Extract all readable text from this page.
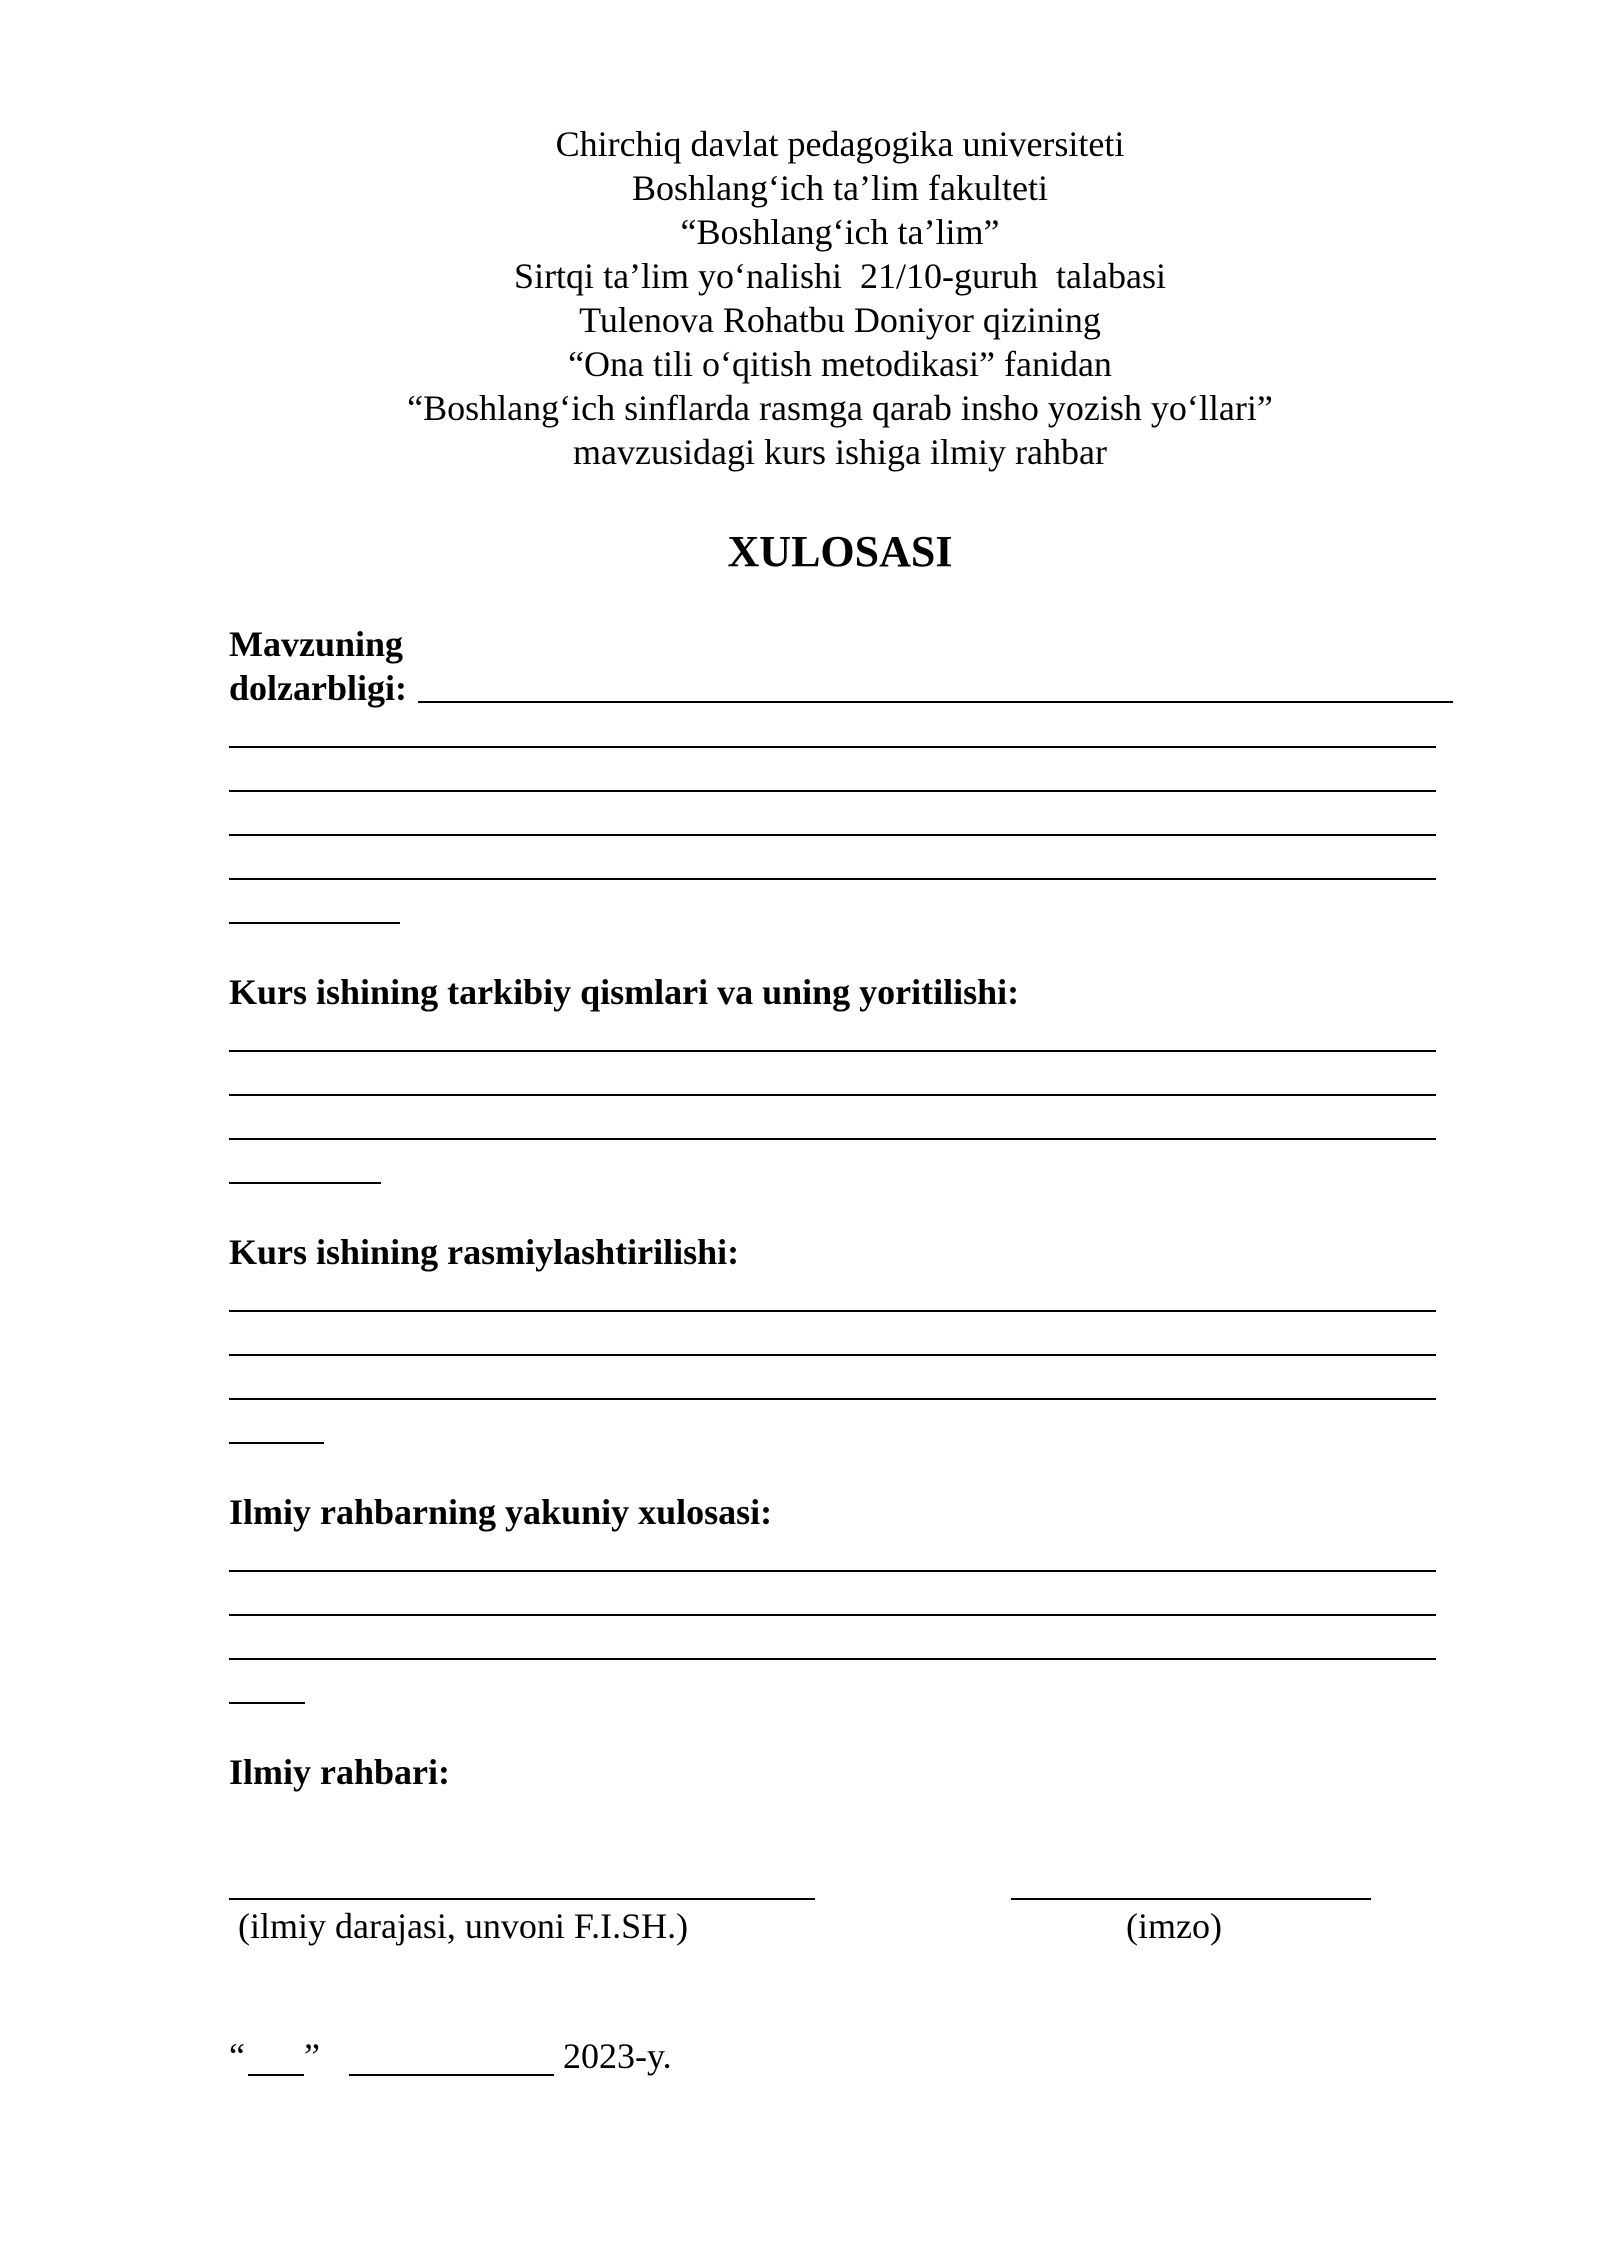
Chirchiq davlat pedagogika universiteti
Boshlang‘ich ta’lim fakulteti
“Boshlang‘ich ta’lim”
Sirtqi ta’lim yo‘nalishi  21/10-guruh  talabasi
Tulenova Rohatbu Doniyor qizining
“Ona tili o‘qitish metodikasi” fanidan
“Boshlang‘ich sinflarda rasmga qarab insho yozish yo‘llari”
mavzusidagi kurs ishiga ilmiy rahbar
XULOSASI
Mavzuning
dolzarbligi:
Kurs ishining tarkibiy qismlari va uning yoritilishi:
Kurs ishining rasmiylashtirilishi:
Ilmiy rahbarning yakuniy xulosasi:
Ilmiy rahbari:
(ilmiy darajasi, unvoni F.I.SH.)	(imzo)
“ ”	2023-y.
